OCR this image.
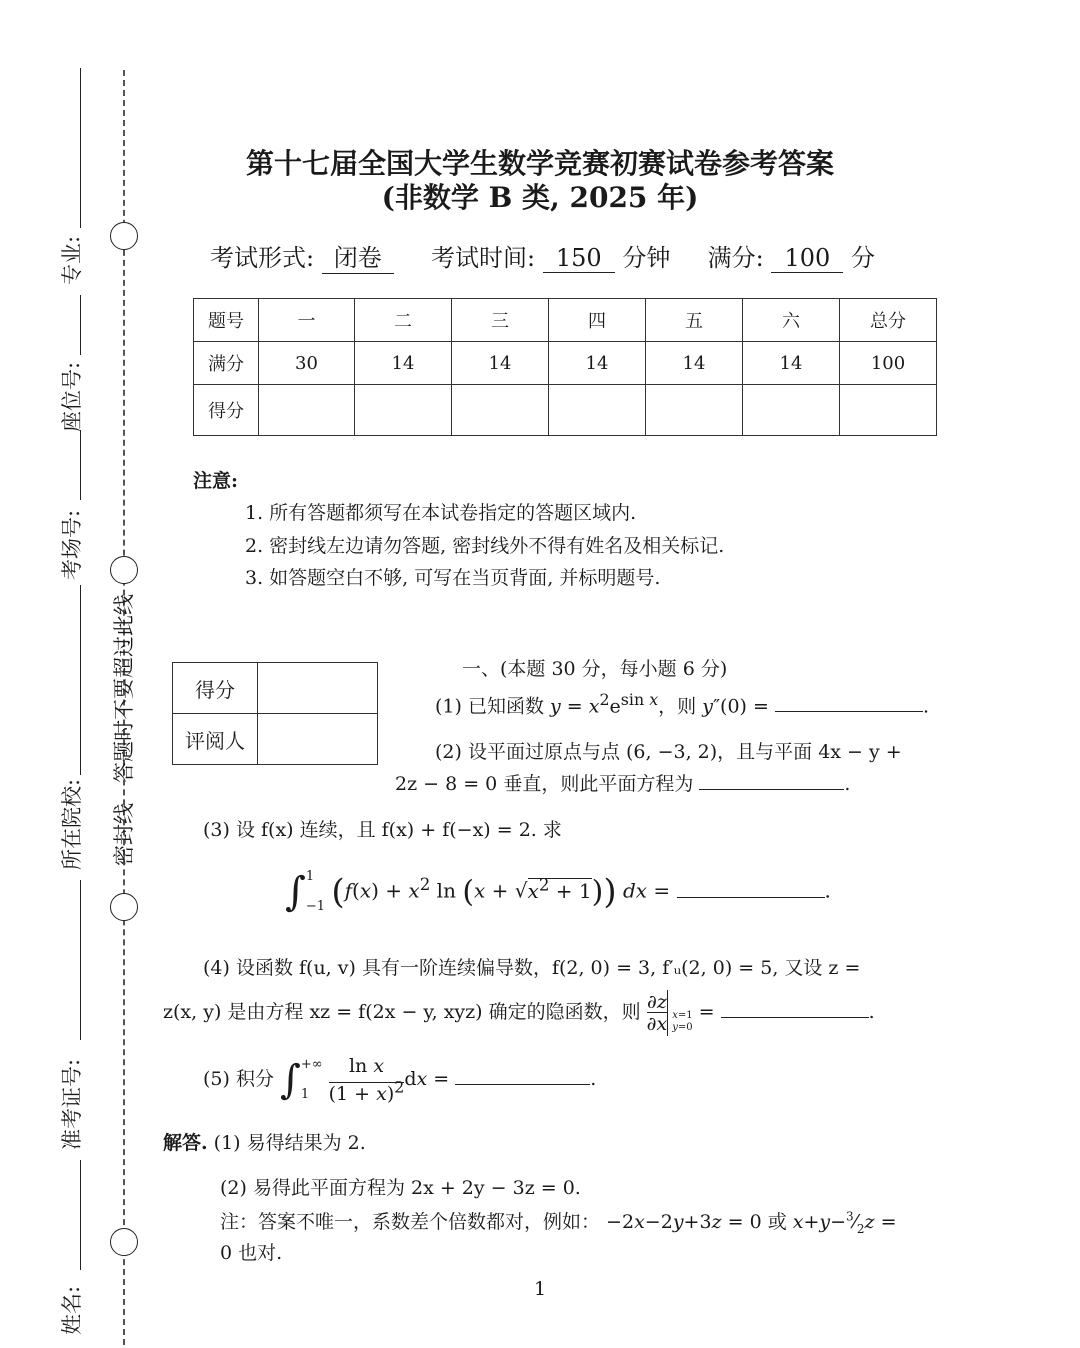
专业:
座位号:
考场号:
所在院校:
准考证号:
姓名:
答题时不要超过此线
密封线
第十七届全国大学生数学竞赛初赛试卷参考答案
(非数学 B 类, 2025 年)
考试形式: 闭卷 考试时间: 150 分钟 满分: 100 分
题号	一	二	三	四	五	六	总分
满分	30	14	14	14	14	14	100
得分							
注意:
1. 所有答题都须写在本试卷指定的答题区域内.
2. 密封线左边请勿答题, 密封线外不得有姓名及相关标记.
3. 如答题空白不够, 可写在当页背面, 并标明题号.
得分	
评阅人	
一、(本题 30 分，每小题 6 分)
(1) 已知函数 $y = x^2e^{sin x}$，则 y″(0) =	.
(2) 设平面过原点与点 (6, −3, 2)，且与平面 4x − y +
2z − 8 = 0 垂直，则此平面方程为	.
(3) 设 f(x) 连续，且 f(x) + f(−x) = 2. 求
∫1
−1 ($f(x) + x^2$ $\ln (x + √x^2 + 1)$) dx =	.
(4) 设函数 f(u, v) 具有一阶连续偏导数，f(2, 0) = 3, f′ᵤ(2, 0) = 5, 又设 z =
z(x, y) 是由方程 xz = f(2x − y, xyz) 确定的隐函数，则 $\frac{\partial z}{\partial x} x=1$
y=0 =	.
(5) 积分 ∫+∞
1 ln x
$(1 + x)^2dx$ =	.
解答. (1) 易得结果为 2.
(2) 易得此平面方程为 2x + 2y − 3z = 0.
注：答案不唯一，系数差个倍数都对，例如： −2x−2y+3z = 0 或 $x+y-^3⁄_2z$ =
0 也对.
1
